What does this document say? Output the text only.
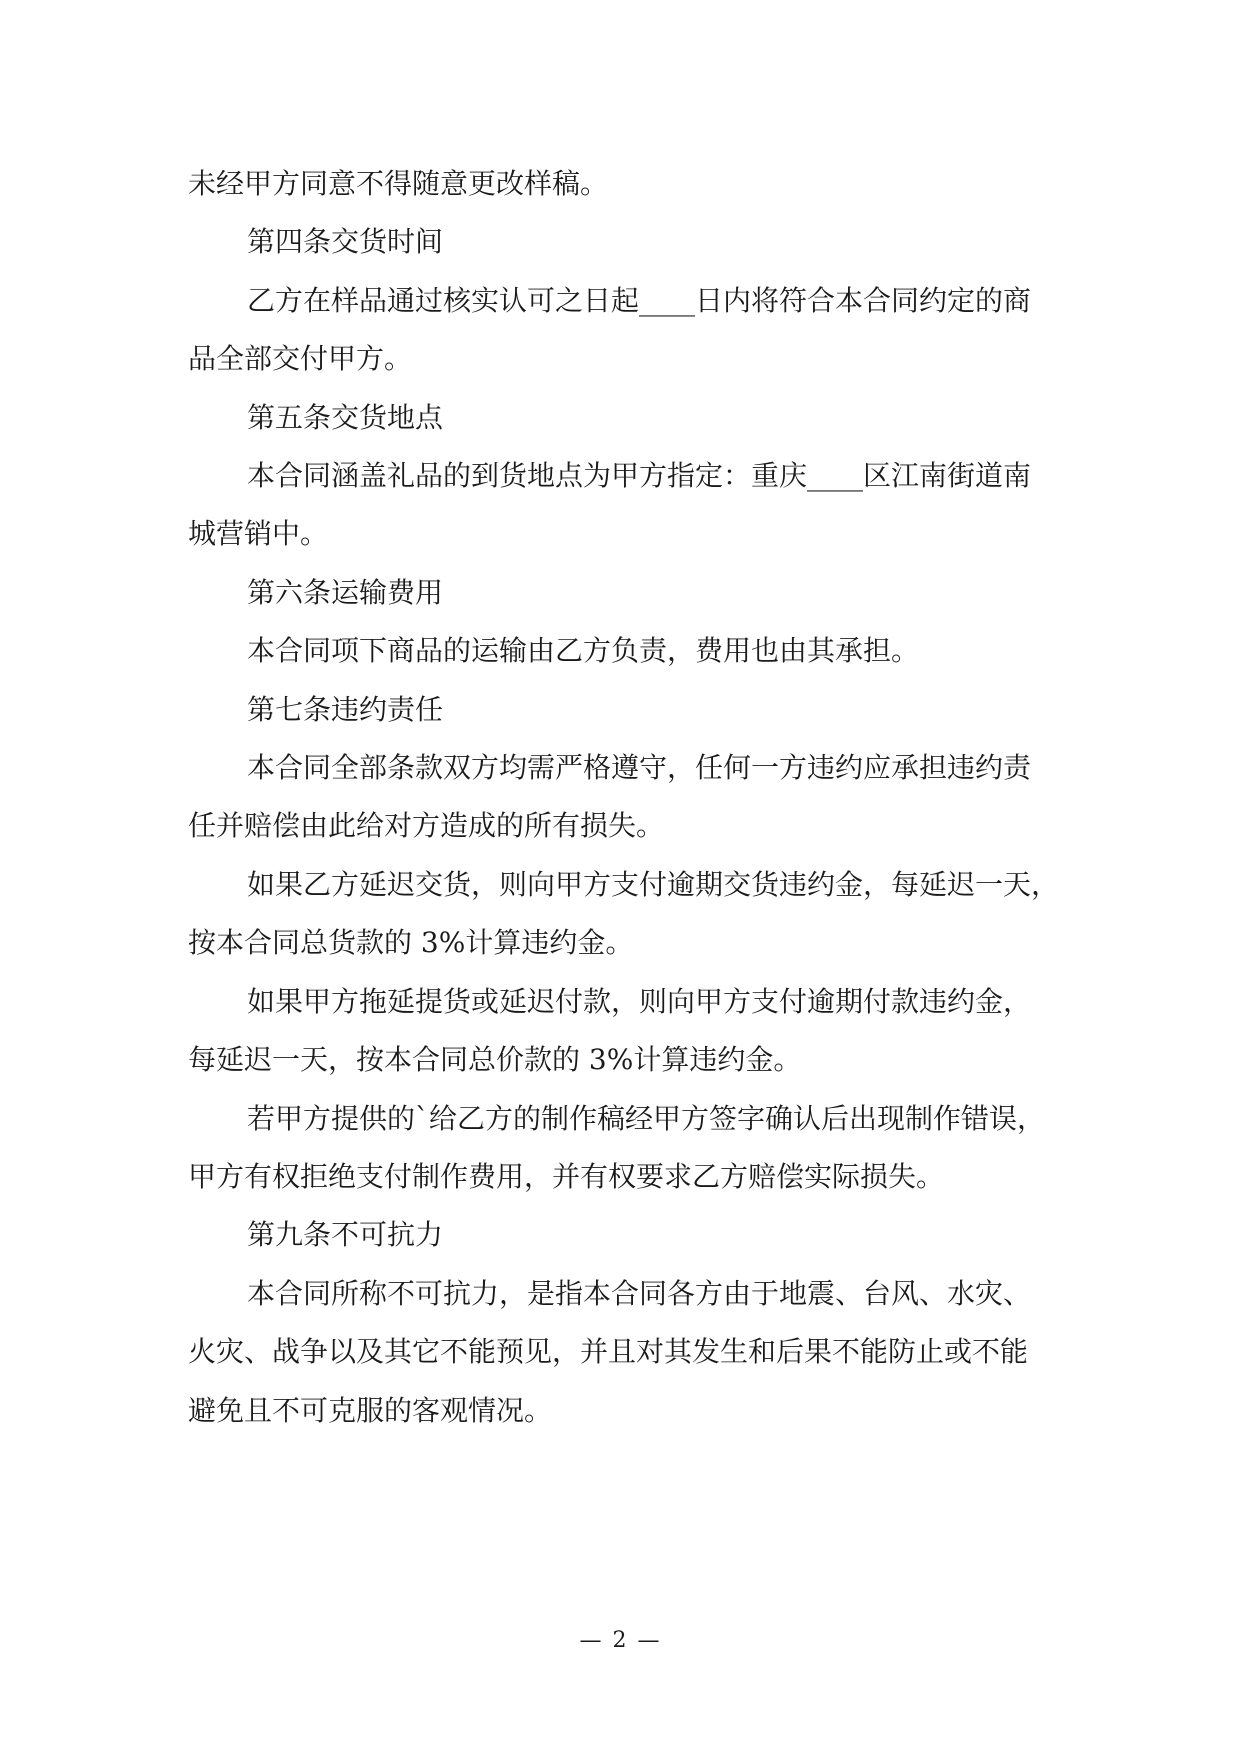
未经甲方同意不得随意更改样稿。

第四条交货时间

乙方在样品通过核实认可之日起____日内将符合本合同约定的商

品全部交付甲方。

第五条交货地点

本合同涵盖礼品的到货地点为甲方指定：重庆____区江南街道南

城营销中。

第六条运输费用

本合同项下商品的运输由乙方负责，费用也由其承担。

第七条违约责任

本合同全部条款双方均需严格遵守，任何一方违约应承担违约责

任并赔偿由此给对方造成的所有损失。

如果乙方延迟交货，则向甲方支付逾期交货违约金，每延迟一天，

按本合同总货款的 3%计算违约金。

如果甲方拖延提货或延迟付款，则向甲方支付逾期付款违约金，

每延迟一天，按本合同总价款的 3%计算违约金。

若甲方提供的`给乙方的制作稿经甲方签字确认后出现制作错误，

甲方有权拒绝支付制作费用，并有权要求乙方赔偿实际损失。

第九条不可抗力

本合同所称不可抗力，是指本合同各方由于地震、台风、水灾、

火灾、战争以及其它不能预见，并且对其发生和后果不能防止或不能

避免且不可克服的客观情况。

— 2 —
